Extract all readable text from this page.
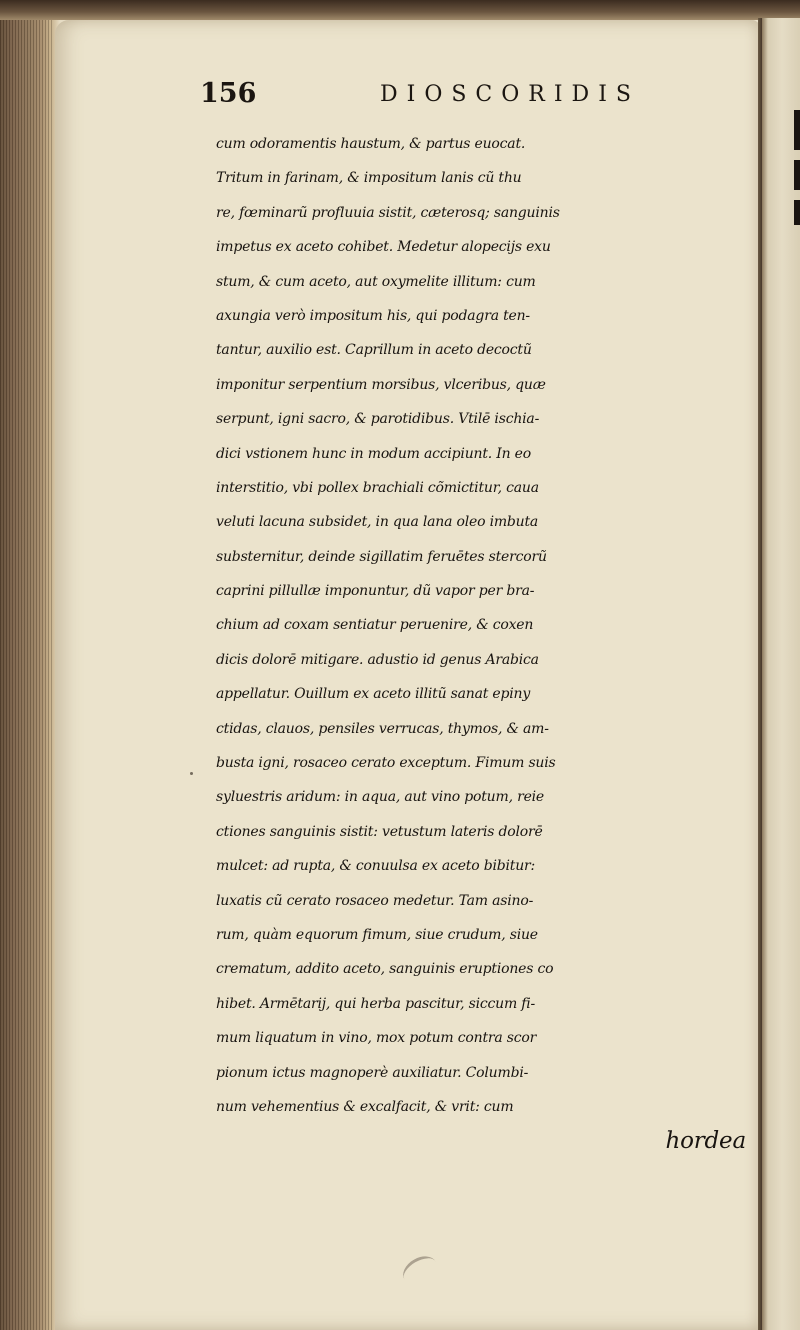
156	DIOSCORIDIS
cum odoramentis haustum, & partus euocat.
Tritum in farinam, & impositum lanis cũ thu
re, fœminarũ profluuia sistit, cæterosq; sanguinis
impetus ex aceto cohibet. Medetur alopecijs exu
stum, & cum aceto, aut oxymelite illitum: cum
axungia verò impositum his, qui podagra ten-
tantur, auxilio est. Caprillum in aceto decoctũ
imponitur serpentium morsibus, vlceribus, quæ
serpunt, igni sacro, & parotidibus. Vtilē ischia-
dici vstionem hunc in modum accipiunt. In eo
interstitio, vbi pollex brachiali cõmictitur, caua
veluti lacuna subsidet, in qua lana oleo imbuta
substernitur, deinde sigillatim feruētes stercorũ
caprini pillullæ imponuntur, dũ vapor per bra-
chium ad coxam sentiatur peruenire, & coxen
dicis dolorē mitigare. adustio id genus Arabica
appellatur. Ouillum ex aceto illitũ sanat epiny
ctidas, clauos, pensiles verrucas, thymos, & am-
busta igni, rosaceo cerato exceptum. Fimum suis
syluestris aridum: in aqua, aut vino potum, reie
ctiones sanguinis sistit: vetustum lateris dolorē
mulcet: ad rupta, & conuulsa ex aceto bibitur:
luxatis cũ cerato rosaceo medetur. Tam asino-
rum, quàm equorum fimum, siue crudum, siue
crematum, addito aceto, sanguinis eruptiones co
hibet. Armētarij, qui herba pascitur, siccum fi-
mum liquatum in vino, mox potum contra scor
pionum ictus magnoperè auxiliatur. Columbi-
num vehementius & excalfacit, & vrit: cum
hordea
